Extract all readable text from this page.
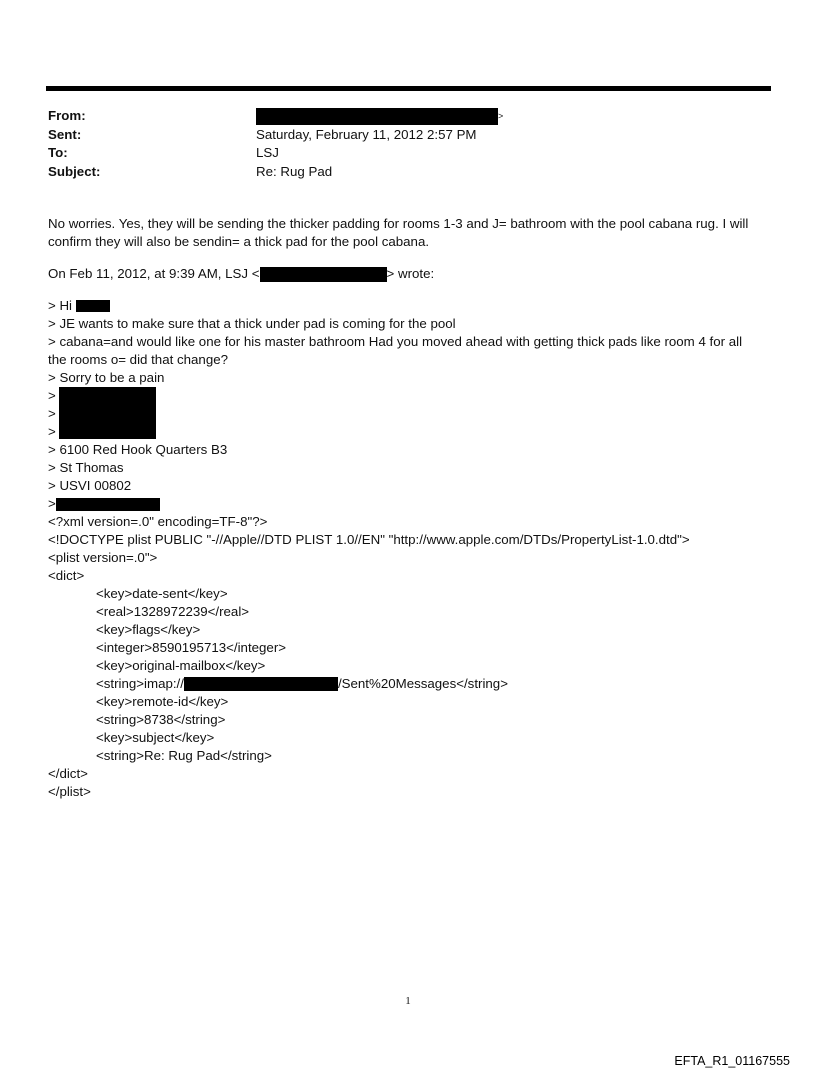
From:	>
Sent:	Saturday, February 11, 2012 2:57 PM
To:	LSJ
Subject:	Re: Rug Pad
No worries. Yes, they will be sending the thicker padding for rooms 1-3 and J= bathroom with the pool cabana rug. I will
confirm they will also be sendin= a thick pad for the pool cabana.
On Feb 11, 2012, at 9:39 AM, LSJ <	> wrote:
> Hi
> JE wants to make sure that a thick under pad is coming for the pool
> cabana=and would like one for his master bathroom Had you moved ahead with getting thick pads like room 4 for all
the rooms o= did that change?
> Sorry to be a pain
>
>
>
> 6100 Red Hook Quarters B3
> St Thomas
> USVI 00802
>
<?xml version=.0" encoding=TF-8"?>
<!DOCTYPE plist PUBLIC "-//Apple//DTD PLIST 1.0//EN" "http://www.apple.com/DTDs/PropertyList-1.0.dtd">
<plist version=.0">
<dict>
<key>date-sent</key>
<real>1328972239</real>
<key>flags</key>
<integer>8590195713</integer>
<key>original-mailbox</key>
<string>imap://	/Sent%20Messages</string>
<key>remote-id</key>
<string>8738</string>
<key>subject</key>
<string>Re: Rug Pad</string>
</dict>
</plist>
1
EFTA_R1_01167555
